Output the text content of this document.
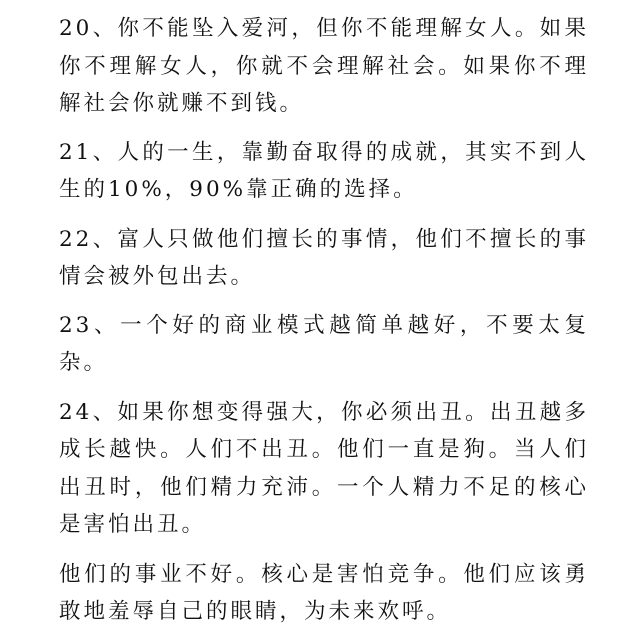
20、你不能坠入爱河，但你不能理解女人。如果你不理解女人，你就不会理解社会。如果你不理解社会你就赚不到钱。

21、人的一生，靠勤奋取得的成就，其实不到人生的10%，90%靠正确的选择。

22、富人只做他们擅长的事情，他们不擅长的事情会被外包出去。

23、一个好的商业模式越简单越好，不要太复杂。

24、如果你想变得强大，你必须出丑。出丑越多成长越快。人们不出丑。他们一直是狗。当人们出丑时，他们精力充沛。一个人精力不足的核心是害怕出丑。

他们的事业不好。核心是害怕竞争。他们应该勇敢地羞辱自己的眼睛，为未来欢呼。
